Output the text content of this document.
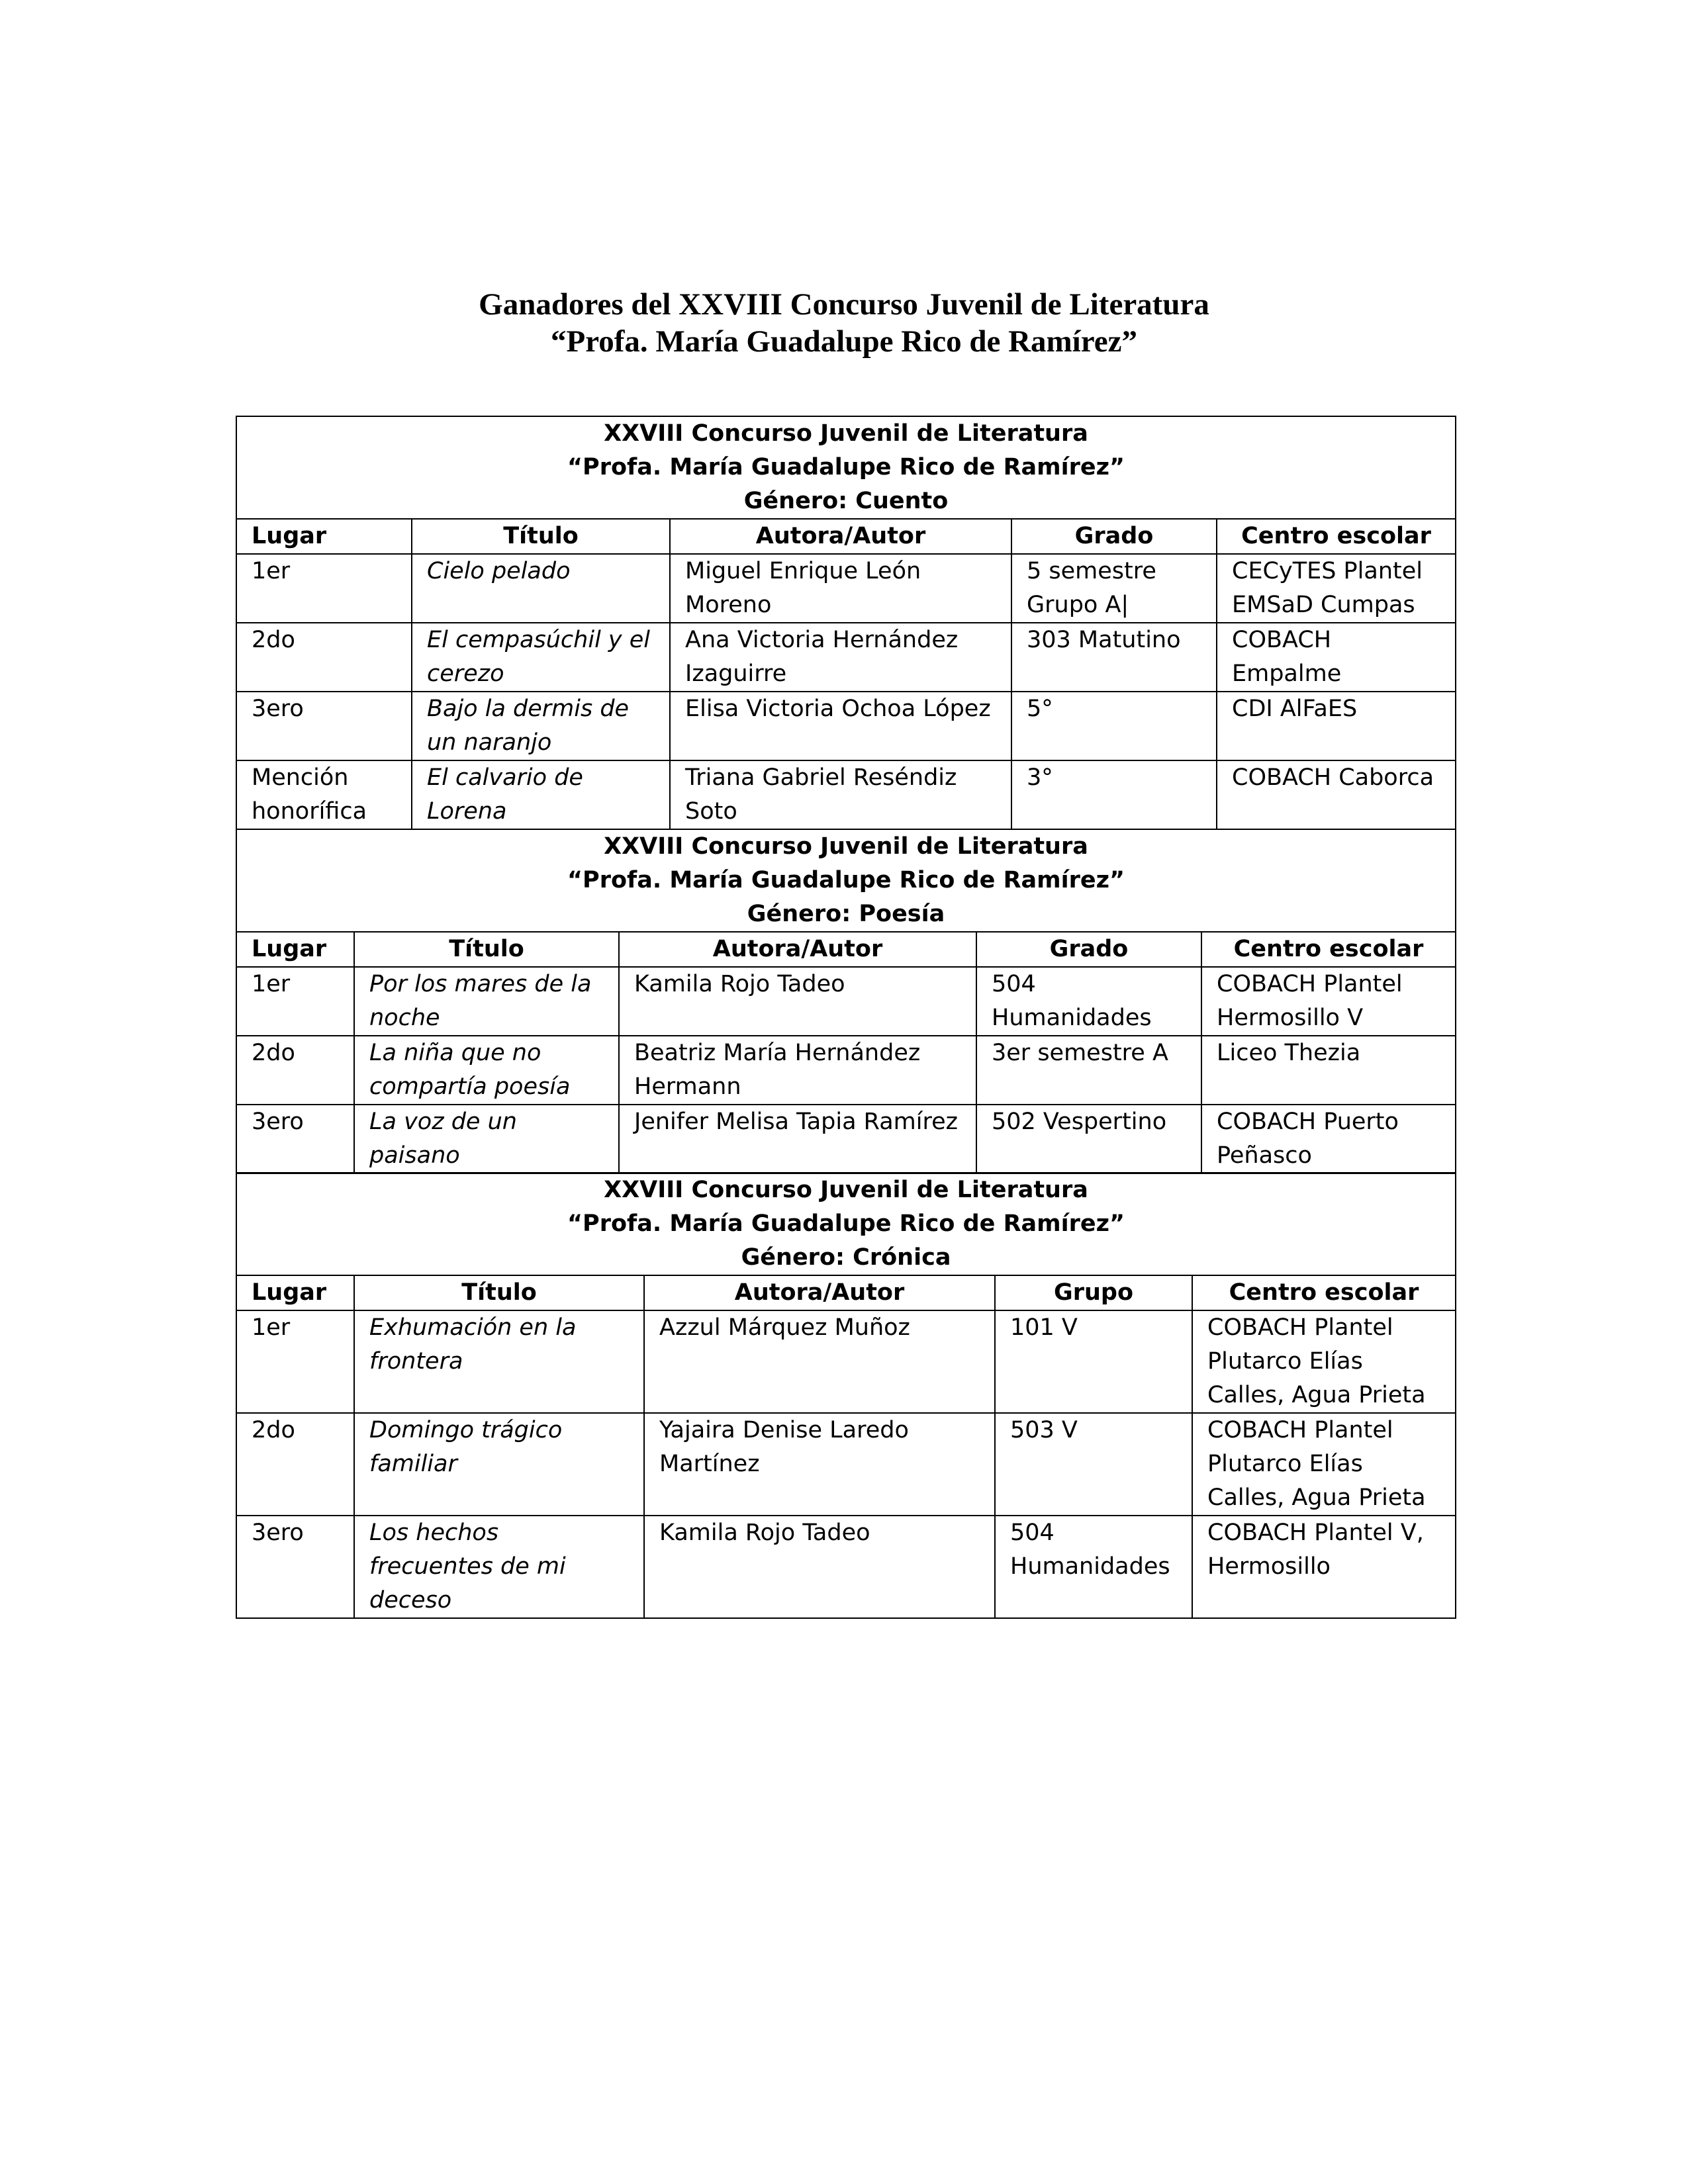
Ganadores del XXVIII Concurso Juvenil de Literatura
“Profa. María Guadalupe Rico de Ramírez”
XXVIII Concurso Juvenil de Literatura
“Profa. María Guadalupe Rico de Ramírez”
Género: Cuento				

Lugar	Título	Autora/Autor	Grado	Centro escolar
1er	Cielo pelado	Miguel Enrique León Moreno	5 semestre Grupo A|	CECyTES Plantel EMSaD Cumpas
2do	El cempasúchil y el cerezo	Ana Victoria Hernández Izaguirre	303 Matutino	COBACH Empalme
3ero	Bajo la dermis de un naranjo	Elisa Victoria Ochoa López	5°	CDI AlFaES
Mención honorífica	El calvario de Lorena	Triana Gabriel Reséndiz Soto	3°	COBACH Caborca
XXVIII Concurso Juvenil de Literatura
“Profa. María Guadalupe Rico de Ramírez”
Género: Poesía				

Lugar	Título	Autora/Autor	Grado	Centro escolar
1er	Por los mares de la noche	Kamila Rojo Tadeo	504 Humanidades	COBACH Plantel Hermosillo V
2do	La niña que no compartía poesía	Beatriz María Hernández Hermann	3er semestre A	Liceo Thezia
3ero	La voz de un paisano	Jenifer Melisa Tapia Ramírez	502 Vespertino	COBACH Puerto Peñasco
XXVIII Concurso Juvenil de Literatura
“Profa. María Guadalupe Rico de Ramírez”
Género: Crónica				

Lugar	Título	Autora/Autor	Grupo	Centro escolar
1er	Exhumación en la frontera	Azzul Márquez Muñoz	101 V	COBACH Plantel Plutarco Elías Calles, Agua Prieta
2do	Domingo trágico familiar	Yajaira Denise Laredo Martínez	503 V	COBACH Plantel Plutarco Elías Calles, Agua Prieta
3ero	Los hechos frecuentes de mi deceso	Kamila Rojo Tadeo	504 Humanidades	COBACH Plantel V, Hermosillo
